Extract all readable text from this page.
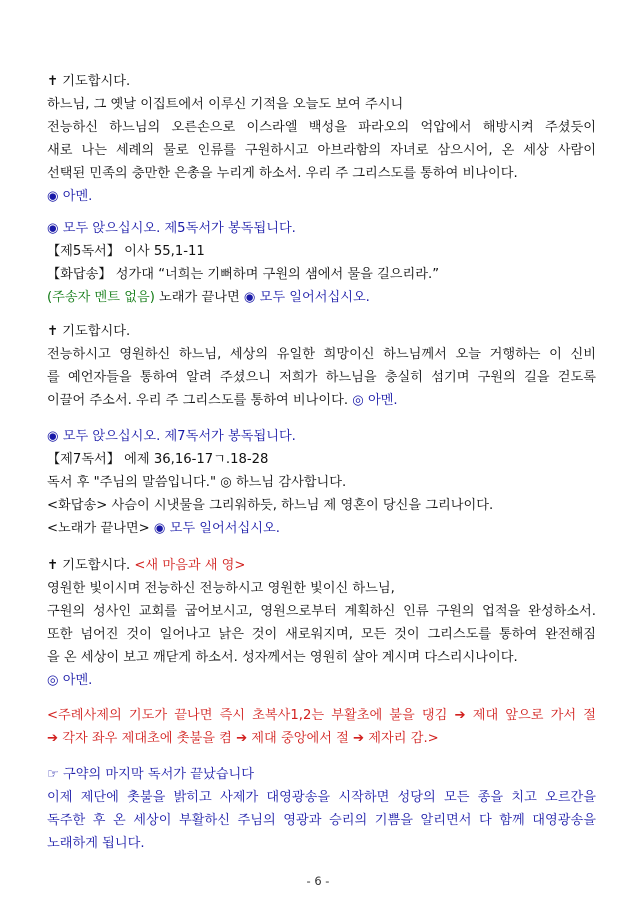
✝ 기도합시다.
하느님, 그 옛날 이집트에서 이루신 기적을 오늘도 보여 주시니
전능하신 하느님의 오른손으로 이스라엘 백성을 파라오의 억압에서 해방시켜 주셨듯이
새로 나는 세례의 물로 인류를 구원하시고 아브라함의 자녀로 삼으시어, 온 세상 사람이
선택된 민족의 충만한 은총을 누리게 하소서. 우리 주 그리스도를 통하여 비나이다.
◉ 아멘.
◉ 모두 앉으십시오. 제5독서가 봉독됩니다.
【제5독서】 이사 55,1-11
【화답송】 성가대 “너희는 기뻐하며 구원의 샘에서 물을 길으리라.”
(주송자 멘트 없음) 노래가 끝나면 ◉ 모두 일어서십시오.
✝ 기도합시다.
전능하시고 영원하신 하느님, 세상의 유일한 희망이신 하느님께서 오늘 거행하는 이 신비
를 예언자들을 통하여 알려 주셨으니 저희가 하느님을 충실히 섬기며 구원의 길을 걷도록
이끌어 주소서. 우리 주 그리스도를 통하여 비나이다. ◎ 아멘.
◉ 모두 앉으십시오. 제7독서가 봉독됩니다.
【제7독서】 에제 36,16-17ㄱ.18-28
독서 후 "주님의 말씀입니다." ◎ 하느님 감사합니다.
<화답송> 사슴이 시냇물을 그리워하듯, 하느님 제 영혼이 당신을 그리나이다.
<노래가 끝나면> ◉ 모두 일어서십시오.
✝ 기도합시다. <새 마음과 새 영>
영원한 빛이시며 전능하신 전능하시고 영원한 빛이신 하느님,
구원의 성사인 교회를 굽어보시고, 영원으로부터 계획하신 인류 구원의 업적을 완성하소서.
또한 넘어진 것이 일어나고 낡은 것이 새로워지며, 모든 것이 그리스도를 통하여 완전해짐
을 온 세상이 보고 깨닫게 하소서. 성자께서는 영원히 살아 계시며 다스리시나이다.
◎ 아멘.
<주례사제의 기도가 끝나면 즉시 초복사1,2는 부활초에 불을 댕김 ➔ 제대 앞으로 가서 절
➔ 각자 좌우 제대초에 촛불을 켬 ➔ 제대 중앙에서 절 ➔ 제자리 감.>
☞ 구약의 마지막 독서가 끝났습니다
이제 제단에 촛불을 밝히고 사제가 대영광송을 시작하면 성당의 모든 종을 치고 오르간을
독주한 후 온 세상이 부활하신 주님의 영광과 승리의 기쁨을 알리면서 다 함께 대영광송을
노래하게 됩니다.
- 6 -
